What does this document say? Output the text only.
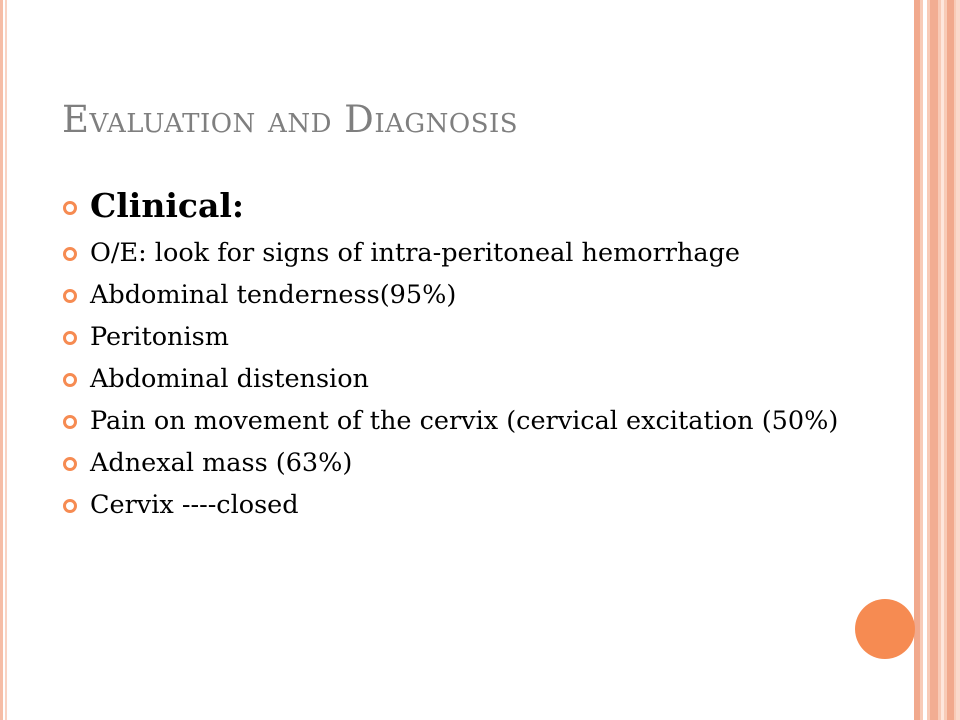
Evaluation and Diagnosis
Clinical:
O/E: look for signs of intra-peritoneal hemorrhage
Abdominal tenderness(95%)
Peritonism
Abdominal distension
Pain on movement of the cervix (cervical excitation (50%)
Adnexal mass (63%)
Cervix ----closed
